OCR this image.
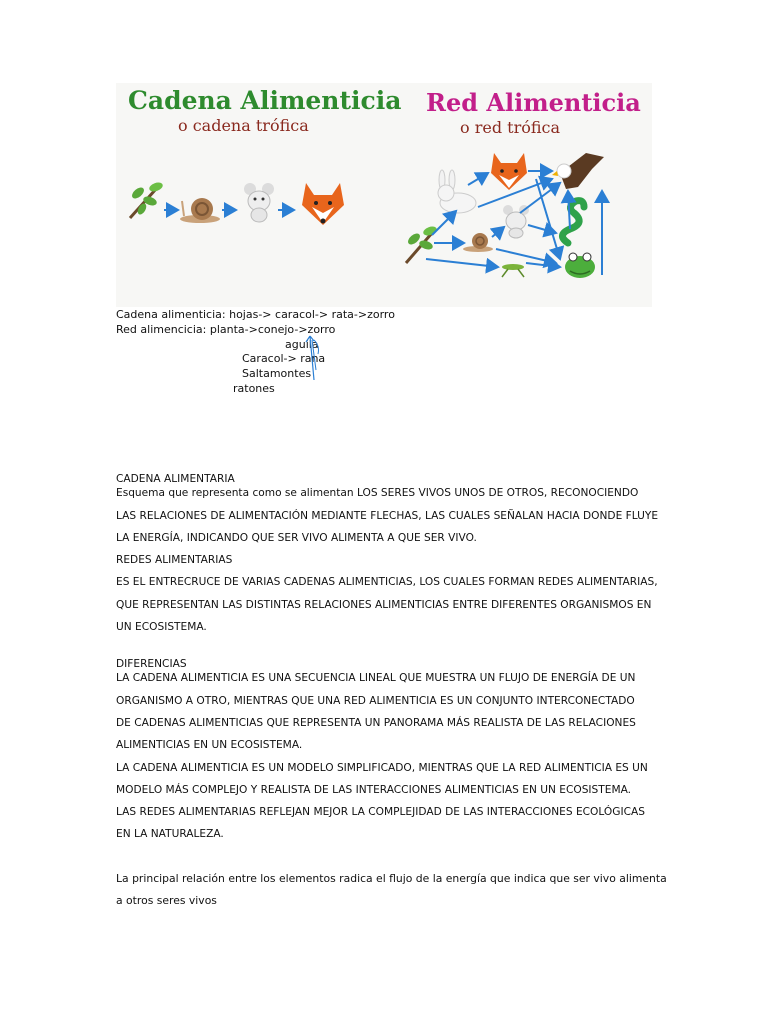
Cadena Alimenticia
o cadena trófica
Red Alimenticia
o red trófica
Cadena alimenticia: hojas-> caracol-> rata->zorro
Red alimencicia: planta->conejo->zorro
aguila
Caracol-> rana
Saltamontes
ratones
CADENA ALIMENTARIA
Esquema que representa como se alimentan LOS SERES VIVOS UNOS DE OTROS, RECONOCIENDO
LAS RELACIONES DE ALIMENTACIÓN MEDIANTE FLECHAS, LAS CUALES SEÑALAN HACIA DONDE FLUYE
LA ENERGÍA, INDICANDO QUE SER VIVO ALIMENTA A QUE SER VIVO.
REDES ALIMENTARIAS
ES EL ENTRECRUCE DE VARIAS CADENAS ALIMENTICIAS, LOS CUALES FORMAN REDES ALIMENTARIAS,
QUE REPRESENTAN LAS DISTINTAS RELACIONES ALIMENTICIAS ENTRE DIFERENTES ORGANISMOS EN
UN ECOSISTEMA.
DIFERENCIAS
LA CADENA ALIMENTICIA ES UNA SECUENCIA LINEAL QUE MUESTRA UN FLUJO DE ENERGÍA DE UN
ORGANISMO A OTRO, MIENTRAS QUE UNA RED ALIMENTICIA ES UN CONJUNTO INTERCONECTADO
DE CADENAS ALIMENTICIAS QUE REPRESENTA UN PANORAMA MÁS REALISTA DE LAS RELACIONES
ALIMENTICIAS EN UN ECOSISTEMA.
LA CADENA ALIMENTICIA ES UN MODELO SIMPLIFICADO, MIENTRAS QUE LA RED ALIMENTICIA ES UN
MODELO MÁS COMPLEJO Y REALISTA DE LAS INTERACCIONES ALIMENTICIAS EN UN ECOSISTEMA.
LAS REDES ALIMENTARIAS REFLEJAN MEJOR LA COMPLEJIDAD DE LAS INTERACCIONES ECOLÓGICAS
EN LA NATURALEZA.
La principal relación entre los elementos radica el flujo de la energía que indica que ser vivo alimenta
a otros seres vivos
